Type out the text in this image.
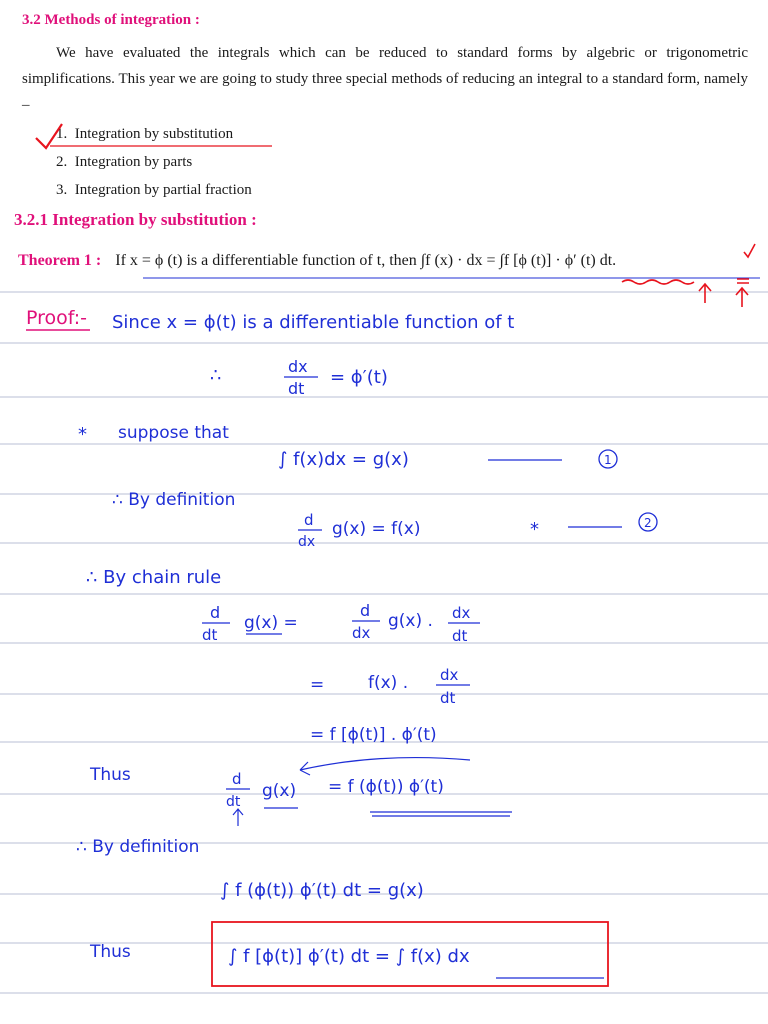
3.2 Methods of integration :
We have evaluated the integrals which can be reduced to standard forms by algebric or trigonometric simplifications. This year we are going to study three special methods of reducing an integral to a standard form, namely –
1. Integration by substitution
2. Integration by parts
3. Integration by partial fraction
3.2.1 Integration by substitution :
Theorem 1 : If x = ϕ (t) is a differentiable function of t, then ∫f (x) · dx = ∫f [ϕ (t)] · ϕ′ (t) dt.
Proof:- Since x = ϕ(t) is a differentiable function of t
∴	dx
dt
= ϕ′(t)
* suppose that
∫ f(x)dx = g(x)	1
∴ By definition
d
dx
g(x) = f(x)	*	2
∴ By chain rule
d
dt
g(x) =
d
dx
g(x) . dx
dt
=	f(x) . dx
dt
= f [ϕ(t)] . ϕ′(t)
Thus	d
dt
g(x) = f (ϕ(t)) ϕ′(t)
∴ By definition
∫ f (ϕ(t)) ϕ′(t) dt = g(x)
Thus	∫ f [ϕ(t)] ϕ′(t) dt = ∫ f(x) dx
